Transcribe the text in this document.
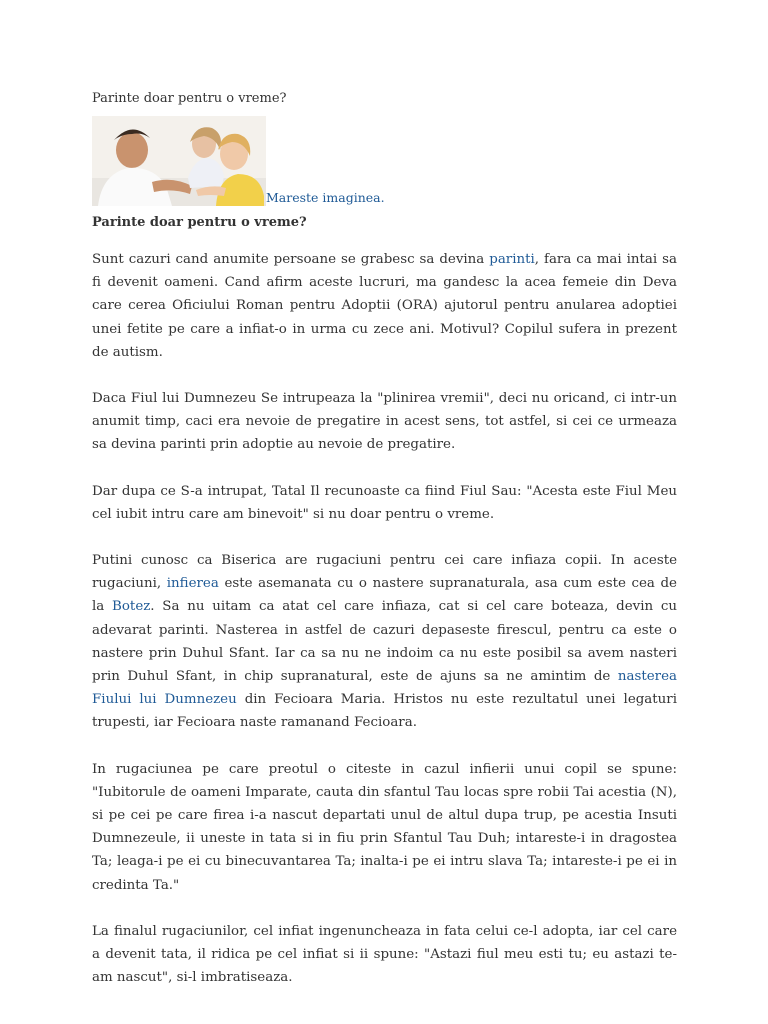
Parinte doar pentru o vreme?
Mareste imaginea.
Parinte doar pentru o vreme?

Sunt cazuri cand anumite persoane se grabesc sa devina parinti, fara ca mai intai sa fi devenit oameni. Cand afirm aceste lucruri, ma gandesc la acea femeie din Deva care cerea Oficiului Roman pentru Adoptii (ORA) ajutorul pentru anularea adoptiei unei fetite pe care a infiat-o in urma cu zece ani. Motivul? Copilul sufera in prezent de autism.

Daca Fiul lui Dumnezeu Se intrupeaza la "plinirea vremii", deci nu oricand, ci intr-un anumit timp, caci era nevoie de pregatire in acest sens, tot astfel, si cei ce urmeaza sa devina parinti prin adoptie au nevoie de pregatire.

Dar dupa ce S-a intrupat, Tatal Il recunoaste ca fiind Fiul Sau: "Acesta este Fiul Meu cel iubit intru care am binevoit" si nu doar pentru o vreme.

Putini cunosc ca Biserica are rugaciuni pentru cei care infiaza copii. In aceste rugaciuni, infierea este asemanata cu o nastere supranaturala, asa cum este cea de la Botez. Sa nu uitam ca atat cel care infiaza, cat si cel care boteaza, devin cu adevarat parinti. Nasterea in astfel de cazuri depaseste firescul, pentru ca este o nastere prin Duhul Sfant. Iar ca sa nu ne indoim ca nu este posibil sa avem nasteri prin Duhul Sfant, in chip supranatural, este de ajuns sa ne amintim de nasterea Fiului lui Dumnezeu din Fecioara Maria. Hristos nu este rezultatul unei legaturi trupesti, iar Fecioara naste ramanand Fecioara.

In rugaciunea pe care preotul o citeste in cazul infierii unui copil se spune: "Iubitorule de oameni Imparate, cauta din sfantul Tau locas spre robii Tai acestia (N), si pe cei pe care firea i-a nascut departati unul de altul dupa trup, pe acestia Insuti Dumnezeule, ii uneste in tata si in fiu prin Sfantul Tau Duh; intareste-i in dragostea Ta; leaga-i pe ei cu binecuvantarea Ta; inalta-i pe ei intru slava Ta; intareste-i pe ei in credinta Ta."

La finalul rugaciunilor, cel infiat ingenuncheaza in fata celui ce-l adopta, iar cel care a devenit tata, il ridica pe cel infiat si ii spune: "Astazi fiul meu esti tu; eu astazi te-am nascut", si-l imbratiseaza.
